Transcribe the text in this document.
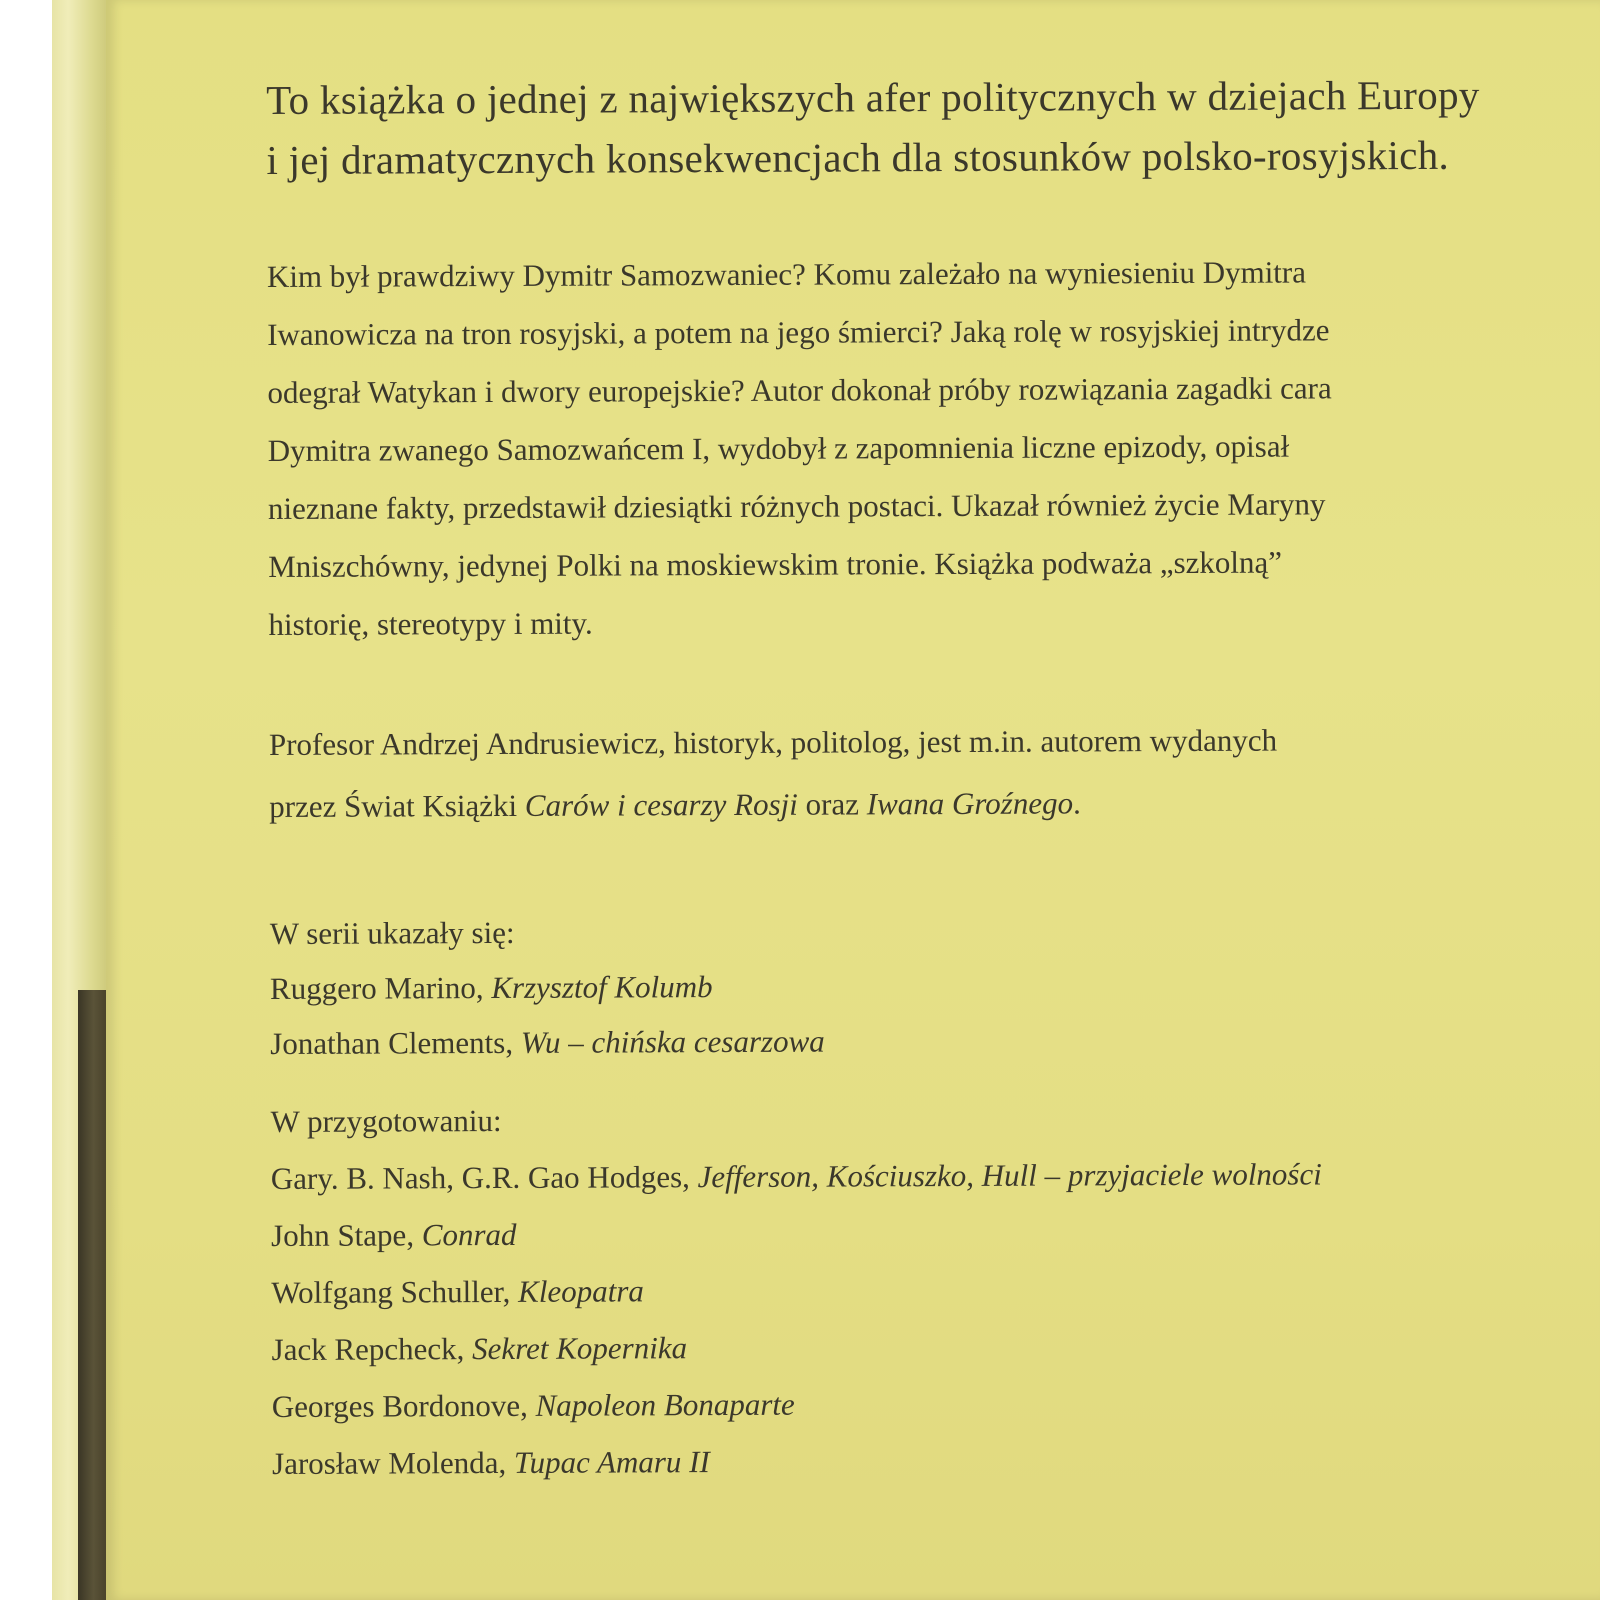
To książka o jednej z największych afer politycznych w dziejach Europy

i jej dramatycznych konsekwencjach dla stosunków polsko-rosyjskich.

Kim był prawdziwy Dymitr Samozwaniec? Komu zależało na wyniesieniu Dymitra

Iwanowicza na tron rosyjski, a potem na jego śmierci? Jaką rolę w rosyjskiej intrydze

odegrał Watykan i dwory europejskie? Autor dokonał próby rozwiązania zagadki cara

Dymitra zwanego Samozwańcem I, wydobył z zapomnienia liczne epizody, opisał

nieznane fakty, przedstawił dziesiątki różnych postaci. Ukazał również życie Maryny

Mniszchówny, jedynej Polki na moskiewskim tronie. Książka podważa „szkolną”

historię, stereotypy i mity.

Profesor Andrzej Andrusiewicz, historyk, politolog, jest m.in. autorem wydanych

przez Świat Książki Carów i cesarzy Rosji oraz Iwana Groźnego.

W serii ukazały się:
Ruggero Marino, Krzysztof Kolumb
Jonathan Clements, Wu – chińska cesarzowa
W przygotowaniu:
Gary. B. Nash, G.R. Gao Hodges, Jefferson, Kościuszko, Hull – przyjaciele wolności
John Stape, Conrad
Wolfgang Schuller, Kleopatra
Jack Repcheck, Sekret Kopernika
Georges Bordonove, Napoleon Bonaparte
Jarosław Molenda, Tupac Amaru II
